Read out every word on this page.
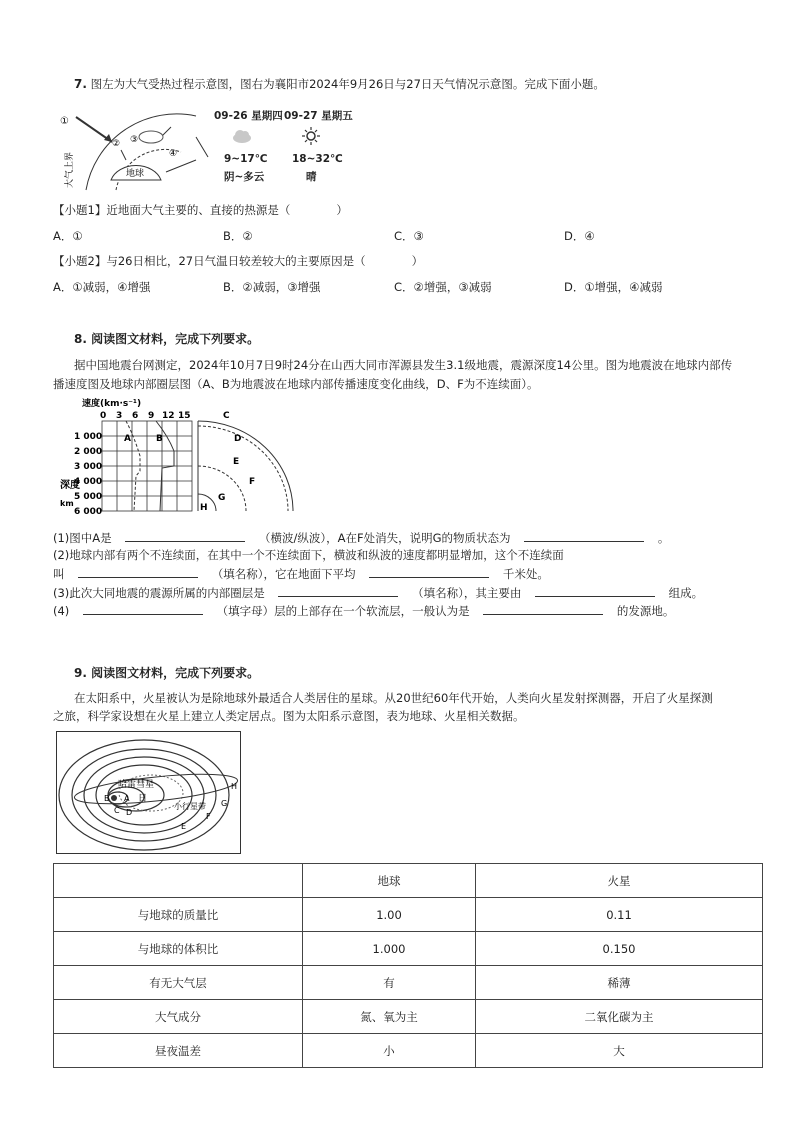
7. 图左为大气受热过程示意图，图右为襄阳市2024年9月26日与27日天气情况示意图。完成下面小题。
①
② ③
④
地球
大气上界
09-26 星期四 09-27 星期五
9~17℃ 18~32℃
阴~多云	晴
【小题1】近地面大气主要的、直接的热源是（　　　　）
A．①	B．②	C．③	D．④
【小题2】与26日相比，27日气温日较差较大的主要原因是（　　　　）
A．①减弱，④增强	B．②减弱，③增强	C．②增强，③减弱	D．①增强，④减弱
8. 阅读图文材料，完成下列要求。
据中国地震台网测定，2024年10月7日9时24分在山西大同市浑源县发生3.1级地震，震源深度14公里。图为地震波在地球内部传
播速度图及地球内部圈层图（A、B为地震波在地球内部传播速度变化曲线，D、F为不连续面）。
速度(km·s⁻¹)
0 3 6 9 12 15
1 000
2 000
3 000
4 000
5 000
6 000
深度
km
A	B
C
D
E
F
G
H
(1)图中A是	（横波/纵波），A在F处消失，说明G的物质状态为	。
(2)地球内部有两个不连续面，在其中一个不连续面下，横波和纵波的速度都明显增加，这个不连续面
叫	（填名称），它在地面下平均	千米处。
(3)此次大同地震的震源所属的内部圈层是	（填名称），其主要由	组成。
(4)	（填字母）层的上部存在一个软流层，一般认为是	的发源地。
9. 阅读图文材料，完成下列要求。
在太阳系中，火星被认为是除地球外最适合人类居住的星球。从20世纪60年代开始，人类向火星发射探测器，开启了火星探测
之旅，科学家设想在火星上建立人类定居点。图为太阳系示意图，表为地球、火星相关数据。
哈雷彗星
日
小行星带
B A
C D
E
F
G
H
	地球	火星
与地球的质量比	1.00	0.11
与地球的体积比	1.000	0.150
有无大气层	有	稀薄
大气成分	氮、氧为主	二氧化碳为主
昼夜温差	小	大
